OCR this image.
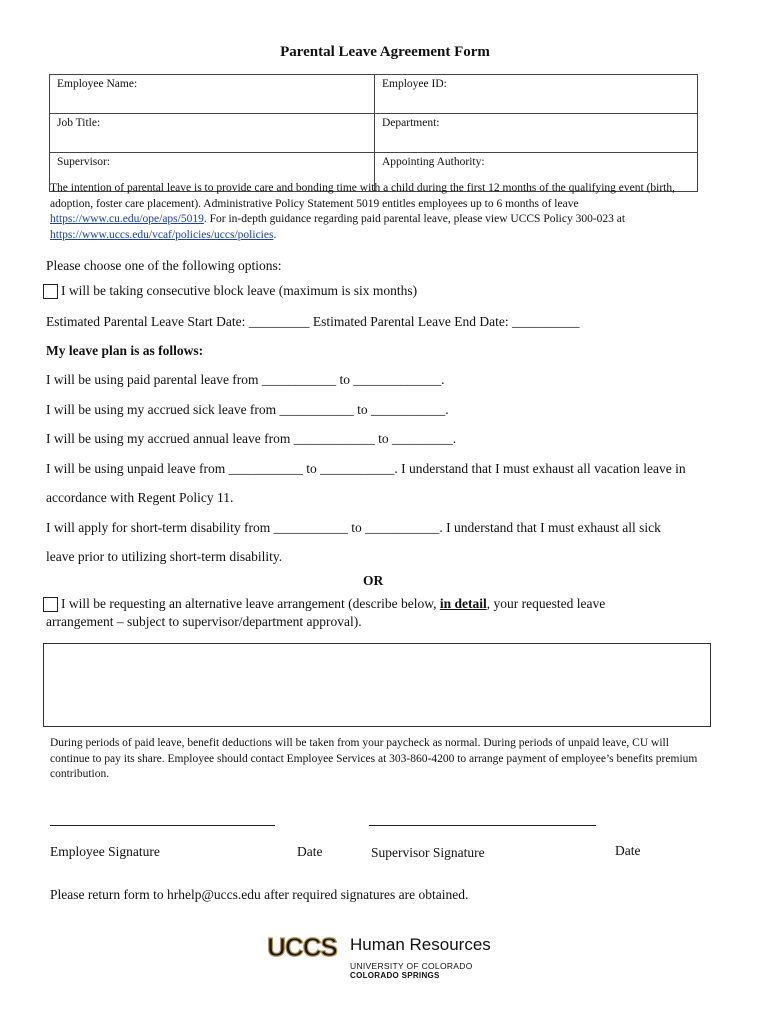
Parental Leave Agreement Form
Employee Name:	Employee ID:
Job Title:	Department:
Supervisor:	Appointing Authority:
The intention of parental leave is to provide care and bonding time with a child during the first 12 months of the qualifying event (birth, adoption, foster care placement). Administrative Policy Statement 5019 entitles employees up to 6 months of leave https://www.cu.edu/ope/aps/5019. For in-depth guidance regarding paid parental leave, please view UCCS Policy 300-023 at https://www.uccs.edu/vcaf/policies/uccs/policies.
Please choose one of the following options:
I will be taking consecutive block leave (maximum is six months)
Estimated Parental Leave Start Date: _________ Estimated Parental Leave End Date: __________
My leave plan is as follows:
I will be using paid parental leave from ___________ to _____________.
I will be using my accrued sick leave from ___________ to ___________.
I will be using my accrued annual leave from ____________ to _________.
I will be using unpaid leave from ___________ to ___________. I understand that I must exhaust all vacation leave in
accordance with Regent Policy 11.
I will apply for short-term disability from ___________ to ___________. I understand that I must exhaust all sick
leave prior to utilizing short-term disability.
OR
I will be requesting an alternative leave arrangement (describe below, in detail, your requested leave
arrangement – subject to supervisor/department approval).
During periods of paid leave, benefit deductions will be taken from your paycheck as normal. During periods of unpaid leave, CU will continue to pay its share. Employee should contact Employee Services at 303-860-4200 to arrange payment of employee’s benefits premium contribution.
Employee Signature	Date	Supervisor Signature	Date
Please return form to hrhelp@uccs.edu after required signatures are obtained.
UCCS Human Resources
UNIVERSITY OF COLORADO
COLORADO SPRINGS
